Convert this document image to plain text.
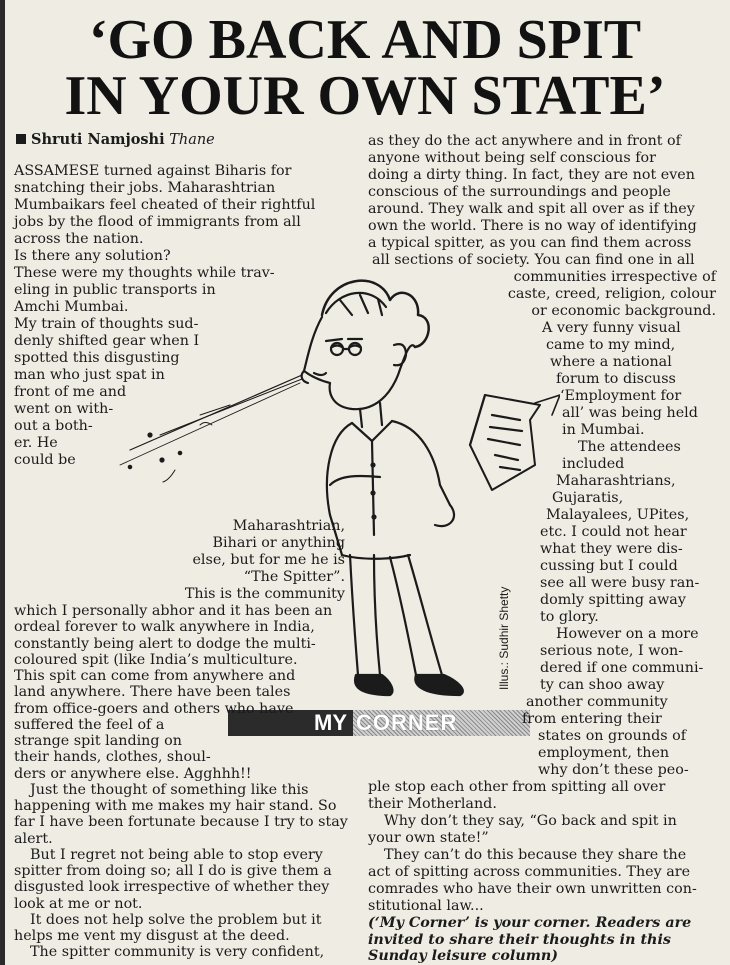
‘GO BACK AND SPIT
IN YOUR OWN STATE’
Shruti Namjoshi Thane
Illus.: Sudhir Shetty
MY CORNER
ASSAMESE turned against Biharis for
snatching their jobs. Maharashtrian
Mumbaikars feel cheated of their rightful
jobs by the flood of immigrants from all
across the nation.
Is there any solution?
These were my thoughts while trav-
eling in public transports in
Amchi Mumbai.
My train of thoughts sud-
denly shifted gear when I
spotted this disgusting
man who just spat in
front of me and
went on with-
out a both-
er. He
could be
Maharashtrian,
Bihari or anything
else, but for me he is
“The Spitter”.
This is the community
which I personally abhor and it has been an
ordeal forever to walk anywhere in India,
constantly being alert to dodge the multi-
coloured spit (like India’s multiculture.
This spit can come from anywhere and
land anywhere. There have been tales
from office-goers and others who have
suffered the feel of a
strange spit landing on
their hands, clothes, shoul-
ders or anywhere else. Agghhh!!
Just the thought of something like this
happening with me makes my hair stand. So
far I have been fortunate because I try to stay
alert.
But I regret not being able to stop every
spitter from doing so; all I do is give them a
disgusted look irrespective of whether they
look at me or not.
It does not help solve the problem but it
helps me vent my disgust at the deed.
as they do the act anywhere and in front of
anyone without being self conscious for
doing a dirty thing. In fact, they are not even
conscious of the surroundings and people
around. They walk and spit all over as if they
own the world. There is no way of identifying
a typical spitter, as you can find them across
all sections of society. You can find one in all
communities irrespective of
caste, creed, religion, colour
or economic background.
A very funny visual
came to my mind,
where a national
forum to discuss
‘Employment for
all’ was being held
in Mumbai.
The attendees
included
Maharashtrians,
Gujaratis,
Malayalees, UPites,
etc. I could not hear
what they were dis-
cussing but I could
see all were busy ran-
domly spitting away
to glory.
However on a more
serious note, I won-
dered if one communi-
ty can shoo away
another community
from entering their
states on grounds of
employment, then
why don’t these peo-
ple stop each other from spitting all over
their Motherland.
Why don’t they say, “Go back and spit in
your own state!”
They can’t do this because they share the
act of spitting across communities. They are
comrades who have their own unwritten con-
stitutional law...
(‘My Corner’ is your corner. Readers are
invited to share their thoughts in this
Sunday leisure column)
The spitter community is very confident,
